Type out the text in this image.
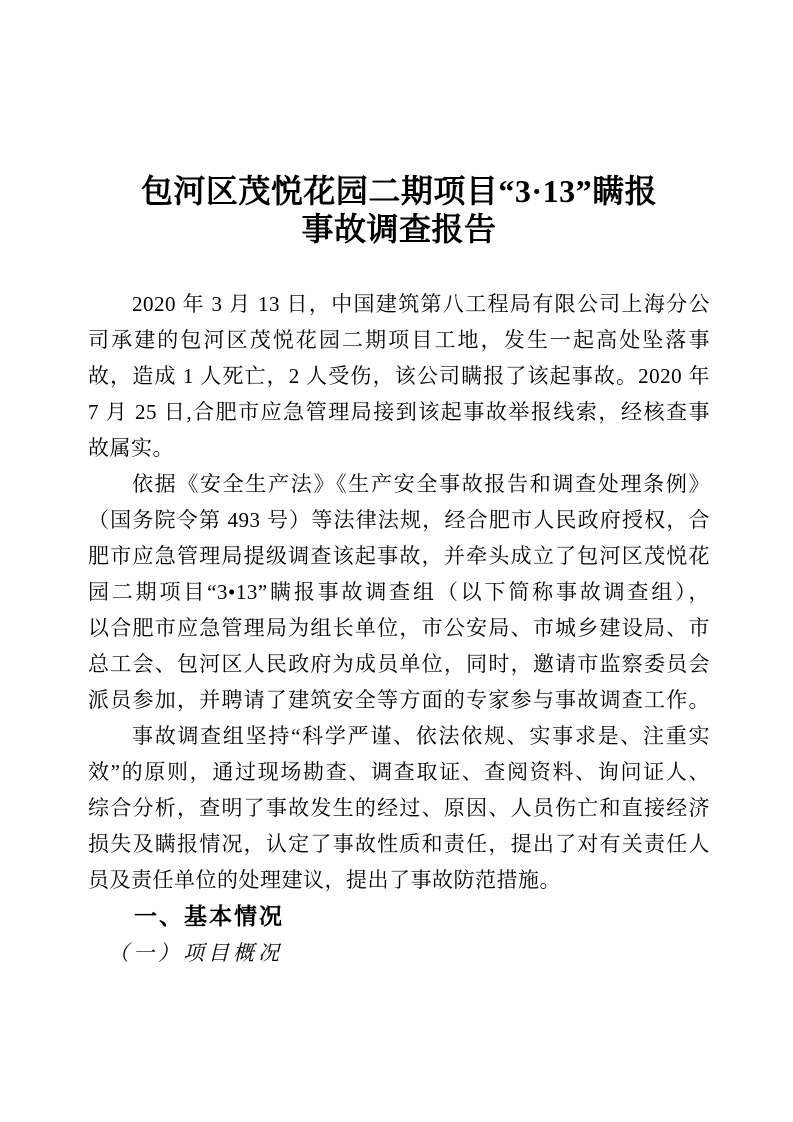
包河区茂悦花园二期项目“3·13”瞒报
事故调查报告
2020 年 3 月 13 日，中国建筑第八工程局有限公司上海分公
司承建的包河区茂悦花园二期项目工地，发生一起高处坠落事
故，造成 1 人死亡，2 人受伤，该公司瞒报了该起事故。2020 年
7 月 25 日,合肥市应急管理局接到该起事故举报线索，经核查事
故属实。
依据《安全生产法》《生产安全事故报告和调查处理条例》
（国务院令第 493 号）等法律法规，经合肥市人民政府授权，合
肥市应急管理局提级调查该起事故，并牵头成立了包河区茂悦花
园二期项目“3•13”瞒报事故调查组（以下简称事故调查组），
以合肥市应急管理局为组长单位，市公安局、市城乡建设局、市
总工会、包河区人民政府为成员单位，同时，邀请市监察委员会
派员参加，并聘请了建筑安全等方面的专家参与事故调查工作。
事故调查组坚持“科学严谨、依法依规、实事求是、注重实
效”的原则，通过现场勘查、调查取证、查阅资料、询问证人、
综合分析，查明了事故发生的经过、原因、人员伤亡和直接经济
损失及瞒报情况，认定了事故性质和责任，提出了对有关责任人
员及责任单位的处理建议，提出了事故防范措施。
一、基本情况
（一）项目概况
